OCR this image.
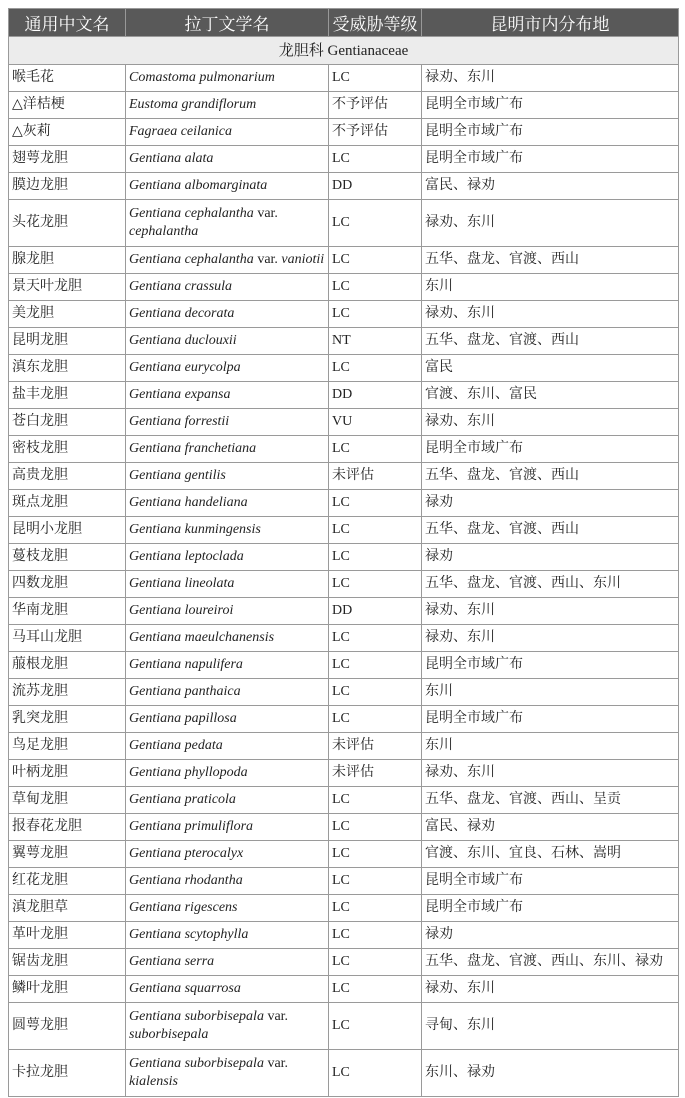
通用中文名	拉丁文学名	受威胁等级	昆明市内分布地
龙胆科 Gentianaceae			
喉毛花	Comastoma pulmonarium	LC	禄劝、东川
△洋桔梗	Eustoma grandiflorum	不予评估	昆明全市域广布
△灰莉	Fagraea ceilanica	不予评估	昆明全市域广布
翅萼龙胆	Gentiana alata	LC	昆明全市域广布
膜边龙胆	Gentiana albomarginata	DD	富民、禄劝
头花龙胆	Gentiana cephalantha var. cephalantha	LC	禄劝、东川
腺龙胆	Gentiana cephalantha var. vaniotii	LC	五华、盘龙、官渡、西山
景天叶龙胆	Gentiana crassula	LC	东川
美龙胆	Gentiana decorata	LC	禄劝、东川
昆明龙胆	Gentiana duclouxii	NT	五华、盘龙、官渡、西山
滇东龙胆	Gentiana eurycolpa	LC	富民
盐丰龙胆	Gentiana expansa	DD	官渡、东川、富民
苍白龙胆	Gentiana forrestii	VU	禄劝、东川
密枝龙胆	Gentiana franchetiana	LC	昆明全市域广布
高贵龙胆	Gentiana gentilis	未评估	五华、盘龙、官渡、西山
斑点龙胆	Gentiana handeliana	LC	禄劝
昆明小龙胆	Gentiana kunmingensis	LC	五华、盘龙、官渡、西山
蔓枝龙胆	Gentiana leptoclada	LC	禄劝
四数龙胆	Gentiana lineolata	LC	五华、盘龙、官渡、西山、东川
华南龙胆	Gentiana loureiroi	DD	禄劝、东川
马耳山龙胆	Gentiana maeulchanensis	LC	禄劝、东川
菔根龙胆	Gentiana napulifera	LC	昆明全市域广布
流苏龙胆	Gentiana panthaica	LC	东川
乳突龙胆	Gentiana papillosa	LC	昆明全市域广布
鸟足龙胆	Gentiana pedata	未评估	东川
叶柄龙胆	Gentiana phyllopoda	未评估	禄劝、东川
草甸龙胆	Gentiana praticola	LC	五华、盘龙、官渡、西山、呈贡
报春花龙胆	Gentiana primuliflora	LC	富民、禄劝
翼萼龙胆	Gentiana pterocalyx	LC	官渡、东川、宜良、石林、嵩明
红花龙胆	Gentiana rhodantha	LC	昆明全市域广布
滇龙胆草	Gentiana rigescens	LC	昆明全市域广布
革叶龙胆	Gentiana scytophylla	LC	禄劝
锯齿龙胆	Gentiana serra	LC	五华、盘龙、官渡、西山、东川、禄劝
鳞叶龙胆	Gentiana squarrosa	LC	禄劝、东川
圆萼龙胆	Gentiana suborbisepala var. suborbisepala	LC	寻甸、东川
卡拉龙胆	Gentiana suborbisepala var. kialensis	LC	东川、禄劝
